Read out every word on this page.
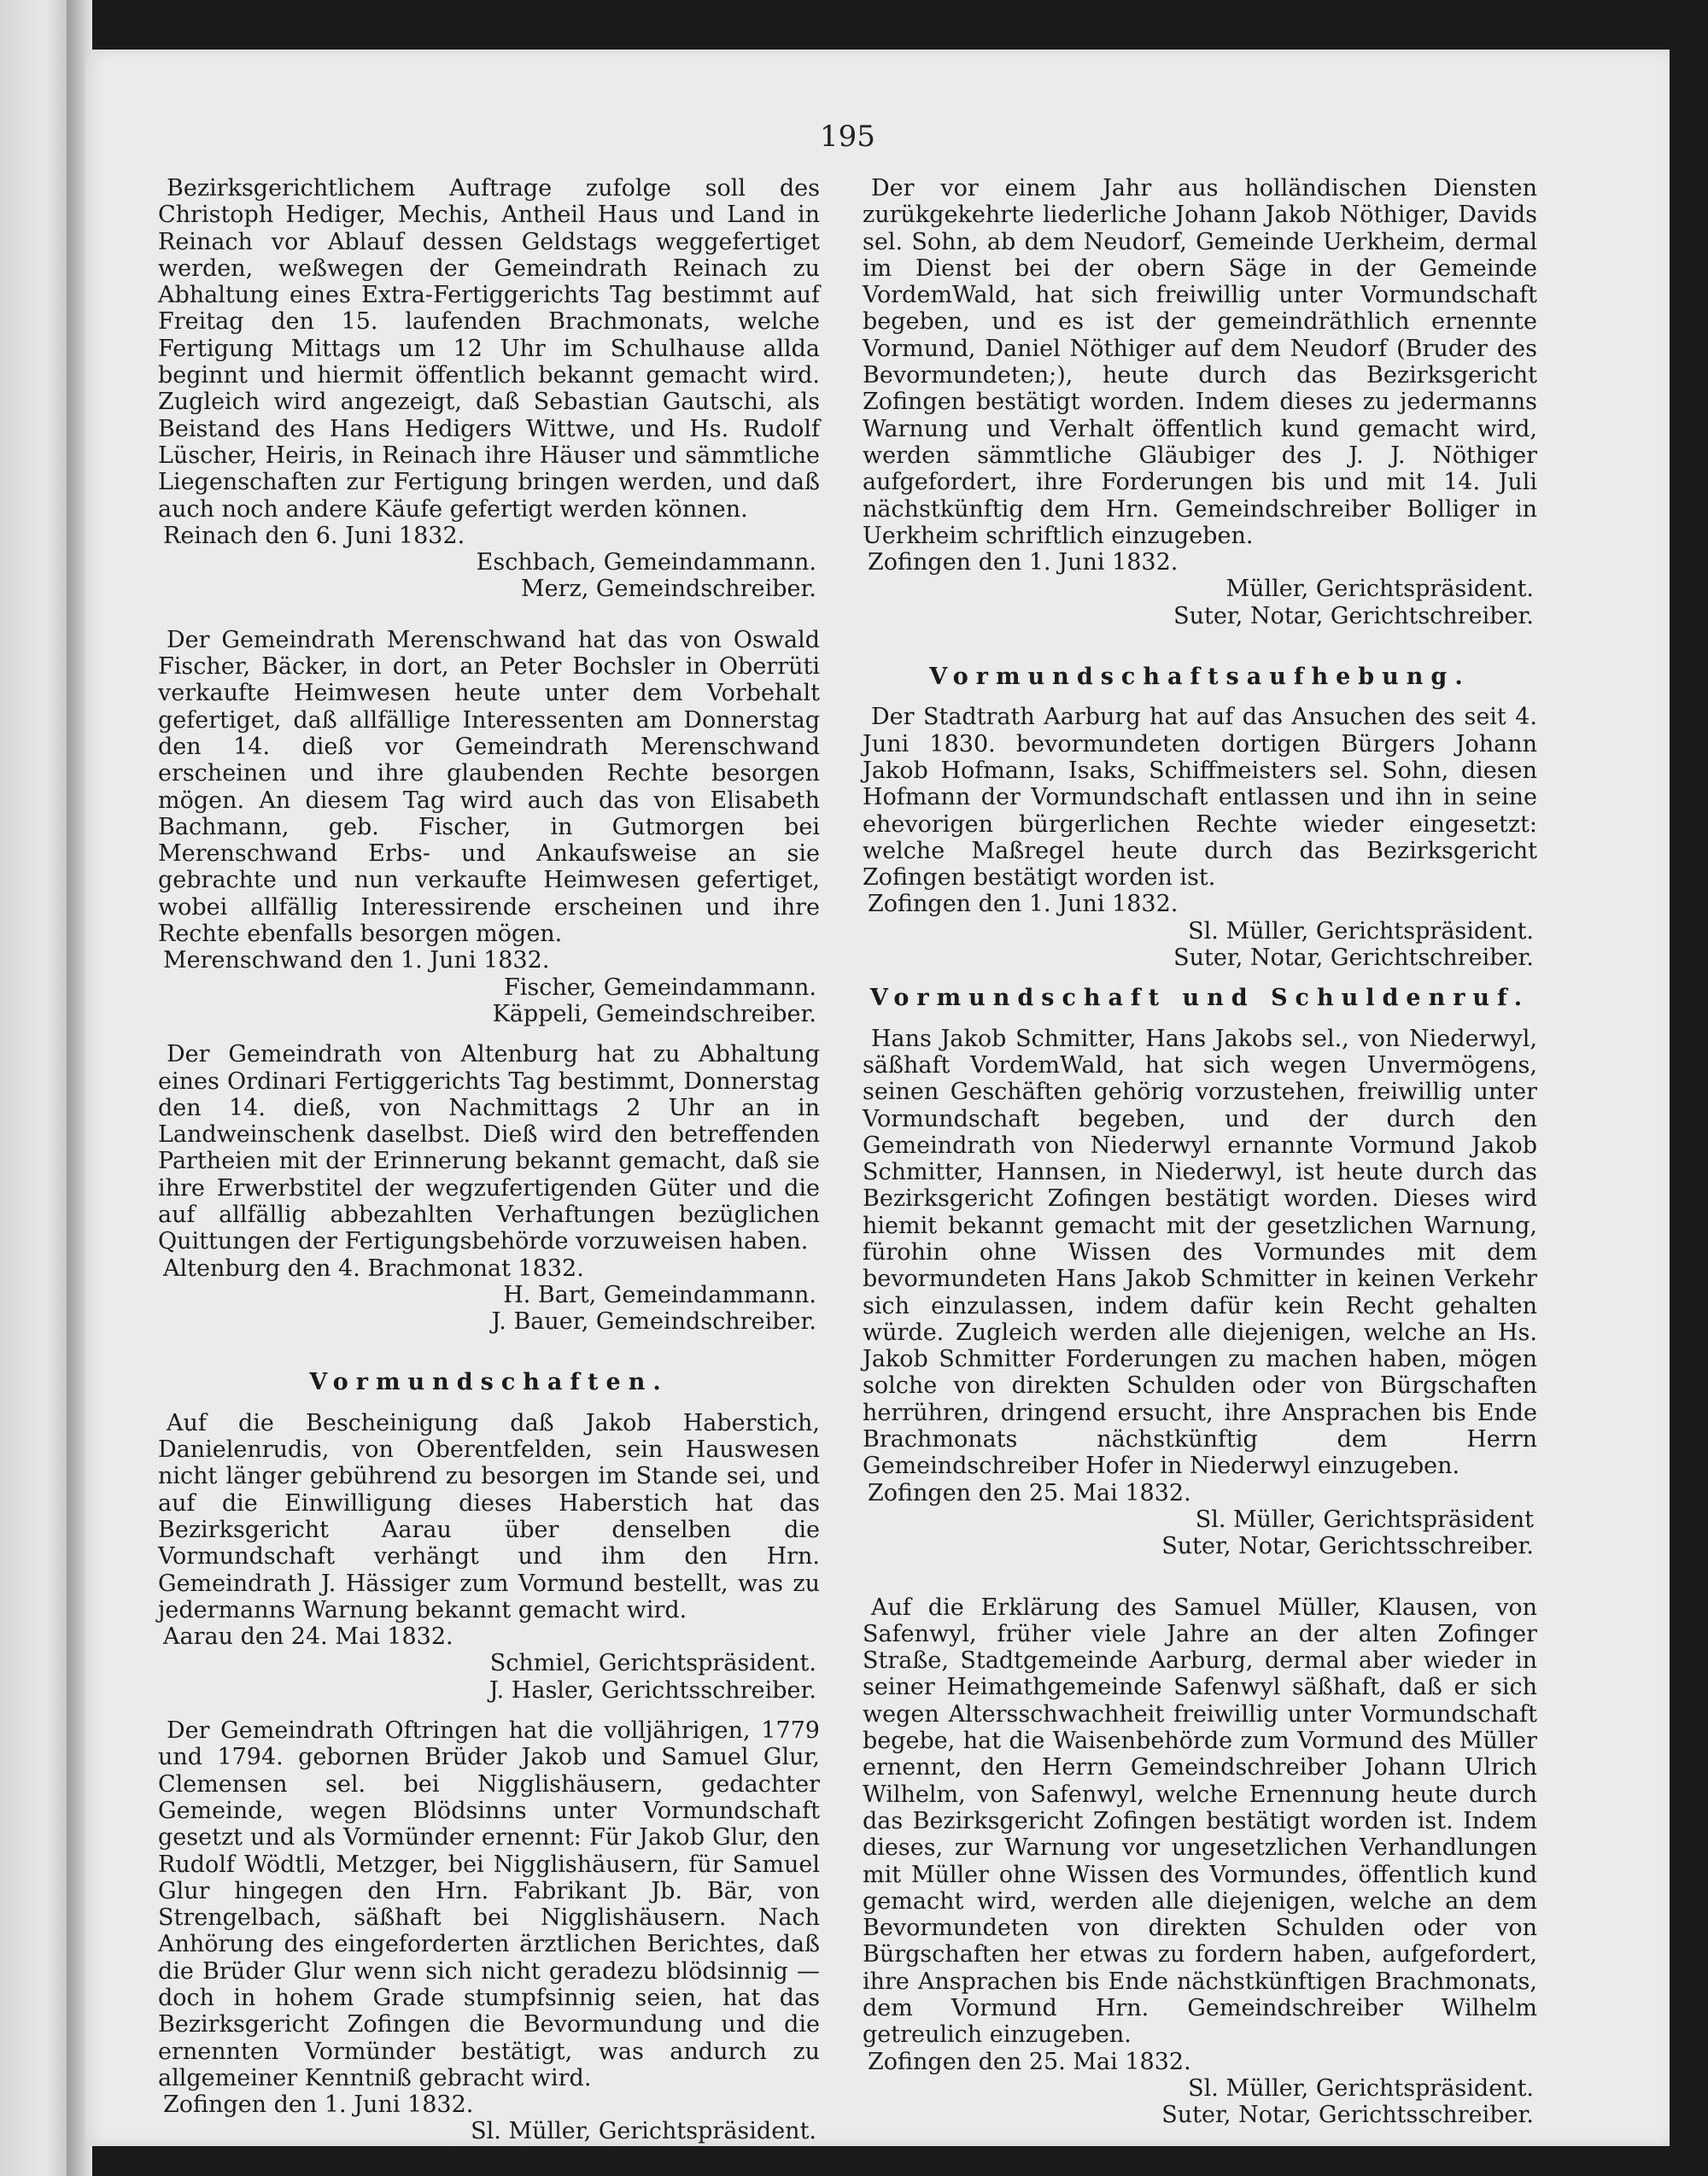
195

Bezirksgerichtlichem Auftrage zufolge soll des Christoph Hediger, Mechis, Antheil Haus und Land in Reinach vor Ablauf dessen Geldstags weggefertiget werden, weßwegen der Gemeindrath Reinach zu Abhaltung eines Extra-Fertiggerichts Tag bestimmt auf Freitag den 15. laufenden Brachmonats, welche Fertigung Mittags um 12 Uhr im Schulhause allda beginnt und hiermit öffentlich bekannt gemacht wird. Zugleich wird angezeigt, daß Sebastian Gautschi, als Beistand des Hans Hedigers Wittwe, und Hs. Rudolf Lüscher, Heiris, in Reinach ihre Häuser und sämmtliche Liegenschaften zur Fertigung bringen werden, und daß auch noch andere Käufe gefertigt werden können.

Reinach den 6. Juni 1832.

Eschbach, Gemeindammann.

Merz, Gemeindschreiber.

Der Gemeindrath Merenschwand hat das von Oswald Fischer, Bäcker, in dort, an Peter Bochsler in Oberrüti verkaufte Heimwesen heute unter dem Vorbehalt gefertiget, daß allfällige Interessenten am Donnerstag den 14. dieß vor Gemeindrath Merenschwand erscheinen und ihre glaubenden Rechte besorgen mögen. An diesem Tag wird auch das von Elisabeth Bachmann, geb. Fischer, in Gutmorgen bei Merenschwand Erbs- und Ankaufsweise an sie gebrachte und nun verkaufte Heimwesen gefertiget, wobei allfällig Interessirende erscheinen und ihre Rechte ebenfalls besorgen mögen.

Merenschwand den 1. Juni 1832.

Fischer, Gemeindammann.

Käppeli, Gemeindschreiber.

Der Gemeindrath von Altenburg hat zu Abhaltung eines Ordinari Fertiggerichts Tag bestimmt, Donnerstag den 14. dieß, von Nachmittags 2 Uhr an in Landweinschenk daselbst. Dieß wird den betreffenden Partheien mit der Erinnerung bekannt gemacht, daß sie ihre Erwerbstitel der wegzufertigenden Güter und die auf allfällig abbezahlten Verhaftungen bezüglichen Quittungen der Fertigungsbehörde vorzuweisen haben.

Altenburg den 4. Brachmonat 1832.

H. Bart, Gemeindammann.

J. Bauer, Gemeindschreiber.

Vormundschaften.

Auf die Bescheinigung daß Jakob Haberstich, Danielenrudis, von Oberentfelden, sein Hauswesen nicht länger gebührend zu besorgen im Stande sei, und auf die Einwilligung dieses Haberstich hat das Bezirksgericht Aarau über denselben die Vormundschaft verhängt und ihm den Hrn. Gemeindrath J. Hässiger zum Vormund bestellt, was zu jedermanns Warnung bekannt gemacht wird.

Aarau den 24. Mai 1832.

Schmiel, Gerichtspräsident.

J. Hasler, Gerichtsschreiber.

Der Gemeindrath Oftringen hat die volljährigen, 1779 und 1794. gebornen Brüder Jakob und Samuel Glur, Clemensen sel. bei Nigglishäusern, gedachter Gemeinde, wegen Blödsinns unter Vormundschaft gesetzt und als Vormünder ernennt: Für Jakob Glur, den Rudolf Wödtli, Metzger, bei Nigglishäusern, für Samuel Glur hingegen den Hrn. Fabrikant Jb. Bär, von Strengelbach, säßhaft bei Nigglishäusern. Nach Anhörung des eingeforderten ärztlichen Berichtes, daß die Brüder Glur wenn sich nicht geradezu blödsinnig — doch in hohem Grade stumpfsinnig seien, hat das Bezirksgericht Zofingen die Bevormundung und die ernennten Vormünder bestätigt, was andurch zu allgemeiner Kenntniß gebracht wird.

Zofingen den 1. Juni 1832.

Sl. Müller, Gerichtspräsident.

Suter, Notar, Gerichtsschreiber.

Der vor einem Jahr aus holländischen Diensten zurükgekehrte liederliche Johann Jakob Nöthiger, Davids sel. Sohn, ab dem Neudorf, Gemeinde Uerkheim, dermal im Dienst bei der obern Säge in der Gemeinde VordemWald, hat sich freiwillig unter Vormundschaft begeben, und es ist der gemeindräthlich ernennte Vormund, Daniel Nöthiger auf dem Neudorf (Bruder des Bevormundeten;), heute durch das Bezirksgericht Zofingen bestätigt worden. Indem dieses zu jedermanns Warnung und Verhalt öffentlich kund gemacht wird, werden sämmtliche Gläubiger des J. J. Nöthiger aufgefordert, ihre Forderungen bis und mit 14. Juli nächstkünftig dem Hrn. Gemeindschreiber Bolliger in Uerkheim schriftlich einzugeben.

Zofingen den 1. Juni 1832.

Müller, Gerichtspräsident.

Suter, Notar, Gerichtschreiber.

Vormundschaftsaufhebung.

Der Stadtrath Aarburg hat auf das Ansuchen des seit 4. Juni 1830. bevormundeten dortigen Bürgers Johann Jakob Hofmann, Isaks, Schiffmeisters sel. Sohn, diesen Hofmann der Vormundschaft entlassen und ihn in seine ehevorigen bürgerlichen Rechte wieder eingesetzt: welche Maßregel heute durch das Bezirksgericht Zofingen bestätigt worden ist.

Zofingen den 1. Juni 1832.

Sl. Müller, Gerichtspräsident.

Suter, Notar, Gerichtschreiber.

Vormundschaft und Schuldenruf.

Hans Jakob Schmitter, Hans Jakobs sel., von Niederwyl, säßhaft VordemWald, hat sich wegen Unvermögens, seinen Geschäften gehörig vorzustehen, freiwillig unter Vormundschaft begeben, und der durch den Gemeindrath von Niederwyl ernannte Vormund Jakob Schmitter, Hannsen, in Niederwyl, ist heute durch das Bezirksgericht Zofingen bestätigt worden. Dieses wird hiemit bekannt gemacht mit der gesetzlichen Warnung, fürohin ohne Wissen des Vormundes mit dem bevormundeten Hans Jakob Schmitter in keinen Verkehr sich einzulassen, indem dafür kein Recht gehalten würde. Zugleich werden alle diejenigen, welche an Hs. Jakob Schmitter Forderungen zu machen haben, mögen solche von direkten Schulden oder von Bürgschaften herrühren, dringend ersucht, ihre Ansprachen bis Ende Brachmonats nächstkünftig dem Herrn Gemeindschreiber Hofer in Niederwyl einzugeben.

Zofingen den 25. Mai 1832.

Sl. Müller, Gerichtspräsident

Suter, Notar, Gerichtsschreiber.

Auf die Erklärung des Samuel Müller, Klausen, von Safenwyl, früher viele Jahre an der alten Zofinger Straße, Stadtgemeinde Aarburg, dermal aber wieder in seiner Heimathgemeinde Safenwyl säßhaft, daß er sich wegen Altersschwachheit freiwillig unter Vormundschaft begebe, hat die Waisenbehörde zum Vormund des Müller ernennt, den Herrn Gemeindschreiber Johann Ulrich Wilhelm, von Safenwyl, welche Ernennung heute durch das Bezirksgericht Zofingen bestätigt worden ist. Indem dieses, zur Warnung vor ungesetzlichen Verhandlungen mit Müller ohne Wissen des Vormundes, öffentlich kund gemacht wird, werden alle diejenigen, welche an dem Bevormundeten von direkten Schulden oder von Bürgschaften her etwas zu fordern haben, aufgefordert, ihre Ansprachen bis Ende nächstkünftigen Brachmonats, dem Vormund Hrn. Gemeindschreiber Wilhelm getreulich einzugeben.

Zofingen den 25. Mai 1832.

Sl. Müller, Gerichtspräsident.

Suter, Notar, Gerichtsschreiber.
